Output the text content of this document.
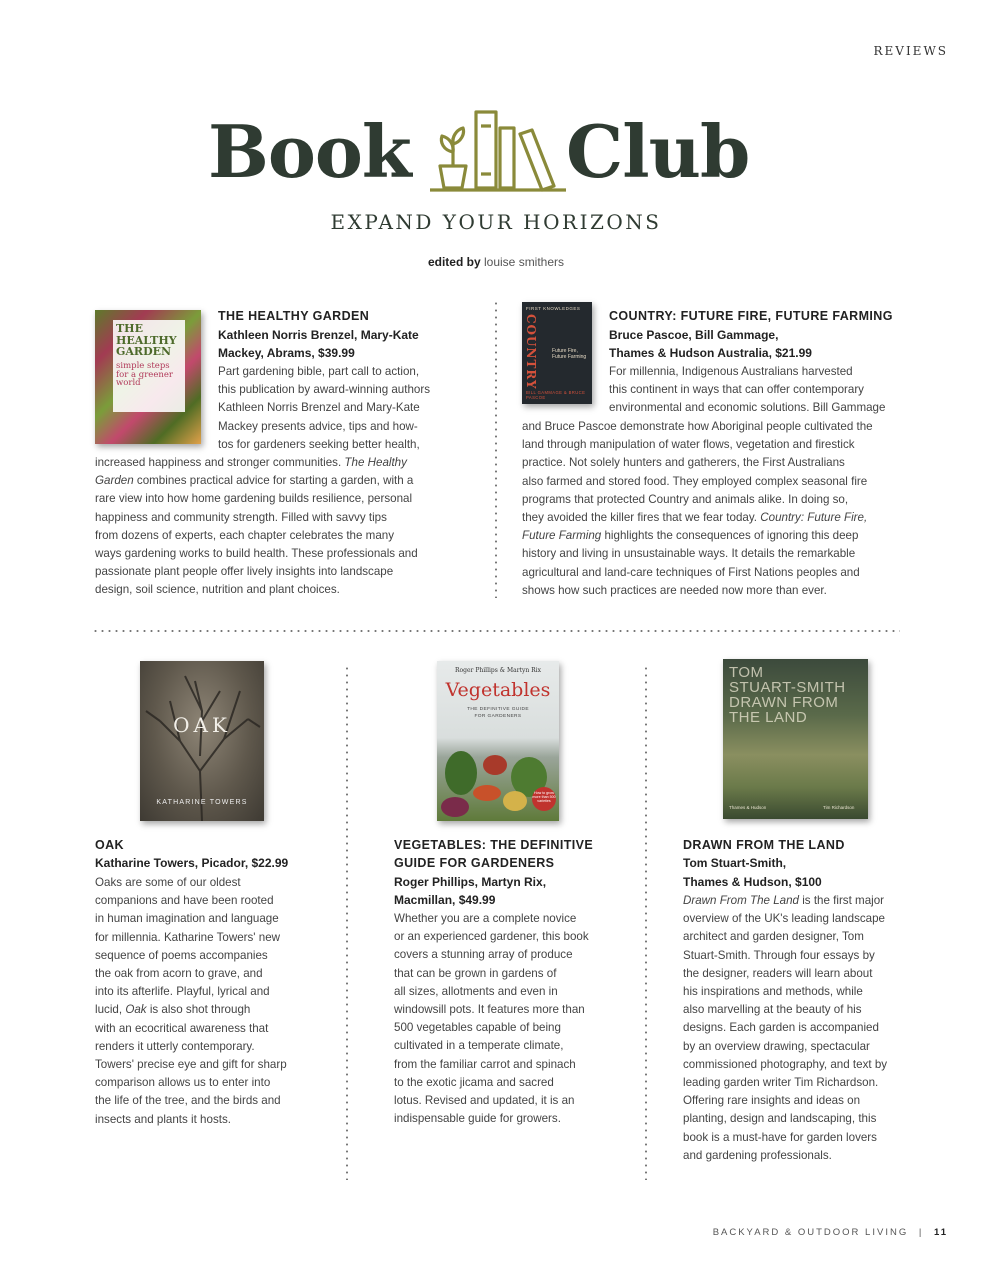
REVIEWS
Book Club
EXPAND YOUR HORIZONS
edited by louise smithers
THE
HEALTHY
GARDEN
simple steps
for a greener
world
THE HEALTHY GARDEN
Kathleen Norris Brenzel, Mary-Kate
Mackey, Abrams, $39.99
Part gardening bible, part call to action,
this publication by award-winning authors
Kathleen Norris Brenzel and Mary-Kate
Mackey presents advice, tips and how-
tos for gardeners seeking better health,
increased happiness and stronger communities. The Healthy
Garden combines practical advice for starting a garden, with a
rare view into how home gardening builds resilience, personal
happiness and community strength. Filled with savvy tips
from dozens of experts, each chapter celebrates the many
ways gardening works to build health. These professionals and
passionate plant people offer lively insights into landscape
design, soil science, nutrition and plant choices.
FIRST KNOWLEDGES
COUNTRY	Future Fire, Future Farming
BILL GAMMAGE & BRUCE PASCOE
COUNTRY: FUTURE FIRE, FUTURE FARMING
Bruce Pascoe, Bill Gammage,
Thames & Hudson Australia, $21.99
For millennia, Indigenous Australians harvested
this continent in ways that can offer contemporary
environmental and economic solutions. Bill Gammage
and Bruce Pascoe demonstrate how Aboriginal people cultivated the
land through manipulation of water flows, vegetation and firestick
practice. Not solely hunters and gatherers, the First Australians
also farmed and stored food. They employed complex seasonal fire
programs that protected Country and animals alike. In doing so,
they avoided the killer fires that we fear today. Country: Future Fire,
Future Farming highlights the consequences of ignoring this deep
history and living in unsustainable ways. It details the remarkable
agricultural and land-care techniques of First Nations peoples and
shows how such practices are needed now more than ever.
OAK
KATHARINE TOWERS
OAK
Katharine Towers, Picador, $22.99
Oaks are some of our oldest
companions and have been rooted
in human imagination and language
for millennia. Katharine Towers' new
sequence of poems accompanies
the oak from acorn to grave, and
into its afterlife. Playful, lyrical and
lucid, Oak is also shot through
with an ecocritical awareness that
renders it utterly contemporary.
Towers' precise eye and gift for sharp
comparison allows us to enter into
the life of the tree, and the birds and
insects and plants it hosts.
Roger Phillips & Martyn Rix
Vegetables
THE DEFINITIVE GUIDE
FOR GARDENERS
How to grow more than 500 varieties
VEGETABLES: THE DEFINITIVE
GUIDE FOR GARDENERS
Roger Phillips, Martyn Rix,
Macmillan, $49.99
Whether you are a complete novice
or an experienced gardener, this book
covers a stunning array of produce
that can be grown in gardens of
all sizes, allotments and even in
windowsill pots. It features more than
500 vegetables capable of being
cultivated in a temperate climate,
from the familiar carrot and spinach
to the exotic jicama and sacred
lotus. Revised and updated, it is an
indispensable guide for growers.
TOM
STUART-SMITH
DRAWN FROM
THE LAND
Thames & Hudson	Tim Richardson
DRAWN FROM THE LAND
Tom Stuart-Smith,
Thames & Hudson, $100
Drawn From The Land is the first major
overview of the UK's leading landscape
architect and garden designer, Tom
Stuart-Smith. Through four essays by
the designer, readers will learn about
his inspirations and methods, while
also marvelling at the beauty of his
designs. Each garden is accompanied
by an overview drawing, spectacular
commissioned photography, and text by
leading garden writer Tim Richardson.
Offering rare insights and ideas on
planting, design and landscaping, this
book is a must-have for garden lovers
and gardening professionals.
BACKYARD & OUTDOOR LIVING | 11
